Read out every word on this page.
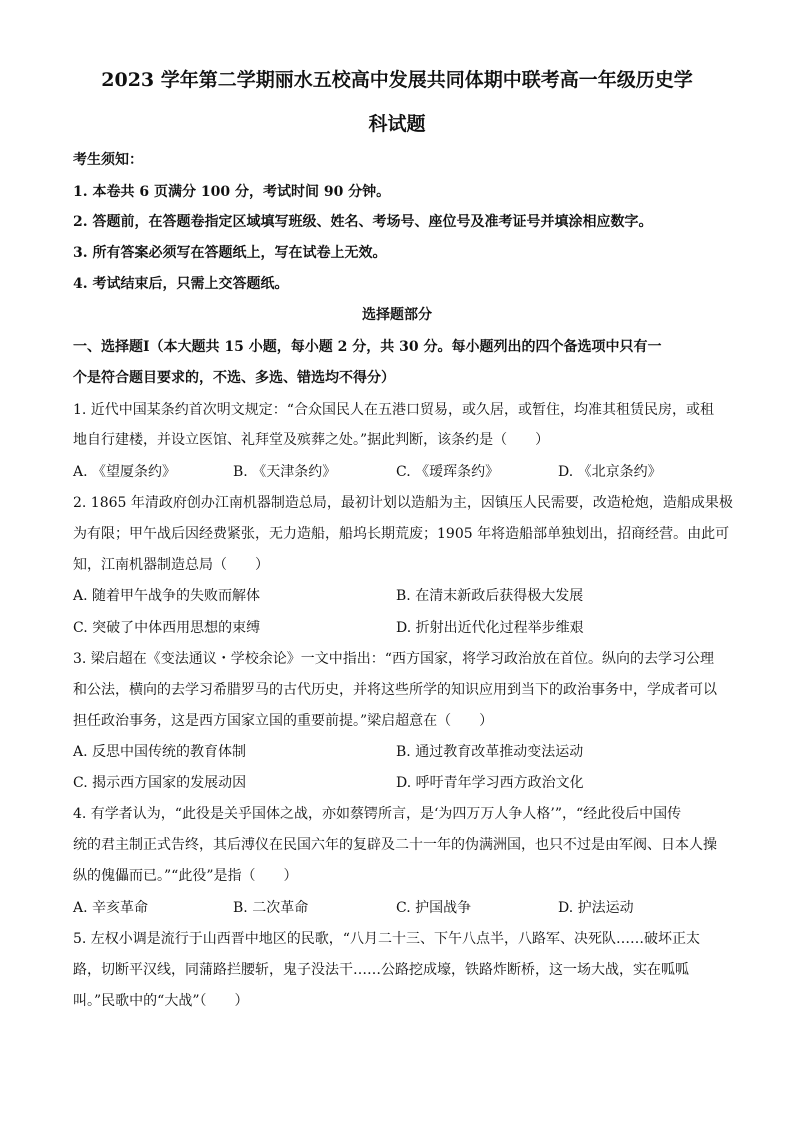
2023 学年第二学期丽水五校高中发展共同体期中联考高一年级历史学
科试题
考生须知：
1. 本卷共 6 页满分 100 分，考试时间 90 分钟。
2. 答题前，在答题卷指定区域填写班级、姓名、考场号、座位号及准考证号并填涂相应数字。
3. 所有答案必须写在答题纸上，写在试卷上无效。
4. 考试结束后，只需上交答题纸。
选择题部分
一、选择题Ⅰ（本大题共 15 小题，每小题 2 分，共 30 分。每小题列出的四个备选项中只有一
个是符合题目要求的，不选、多选、错选均不得分）
1. 近代中国某条约首次明文规定：“合众国民人在五港口贸易，或久居，或暂住，均准其租赁民房，或租
地自行建楼，并设立医馆、礼拜堂及殡葬之处。”据此判断，该条约是（　　）
A. 《望厦条约》	B. 《天津条约》	C. 《瑷珲条约》	D. 《北京条约》
2. 1865 年清政府创办江南机器制造总局，最初计划以造船为主，因镇压人民需要，改造枪炮，造船成果极
为有限；甲午战后因经费紧张，无力造船，船坞长期荒废；1905 年将造船部单独划出，招商经营。由此可
知，江南机器制造总局（　　）
A. 随着甲午战争的失败而解体	B. 在清末新政后获得极大发展
C. 突破了中体西用思想的束缚	D. 折射出近代化过程举步维艰
3. 梁启超在《变法通议・学校余论》一文中指出：“西方国家，将学习政治放在首位。纵向的去学习公理
和公法，横向的去学习希腊罗马的古代历史，并将这些所学的知识应用到当下的政治事务中，学成者可以
担任政治事务，这是西方国家立国的重要前提。”梁启超意在（　　）
A. 反思中国传统的教育体制	B. 通过教育改革推动变法运动
C. 揭示西方国家的发展动因	D. 呼吁青年学习西方政治文化
4. 有学者认为，“此役是关乎国体之战，亦如蔡锷所言，是‘为四万万人争人格’”，“经此役后中国传
统的君主制正式告终，其后溥仪在民国六年的复辟及二十一年的伪满洲国，也只不过是由军阀、日本人操
纵的傀儡而已。”“此役”是指（　　）
A. 辛亥革命	B. 二次革命	C. 护国战争	D. 护法运动
5. 左权小调是流行于山西晋中地区的民歌，“八月二十三、下午八点半，八路军、决死队……破坏正太
路，切断平汉线，同蒲路拦腰斩，鬼子没法干……公路挖成壕，铁路炸断桥，这一场大战，实在呱呱
叫。”民歌中的“大战”（　　）
